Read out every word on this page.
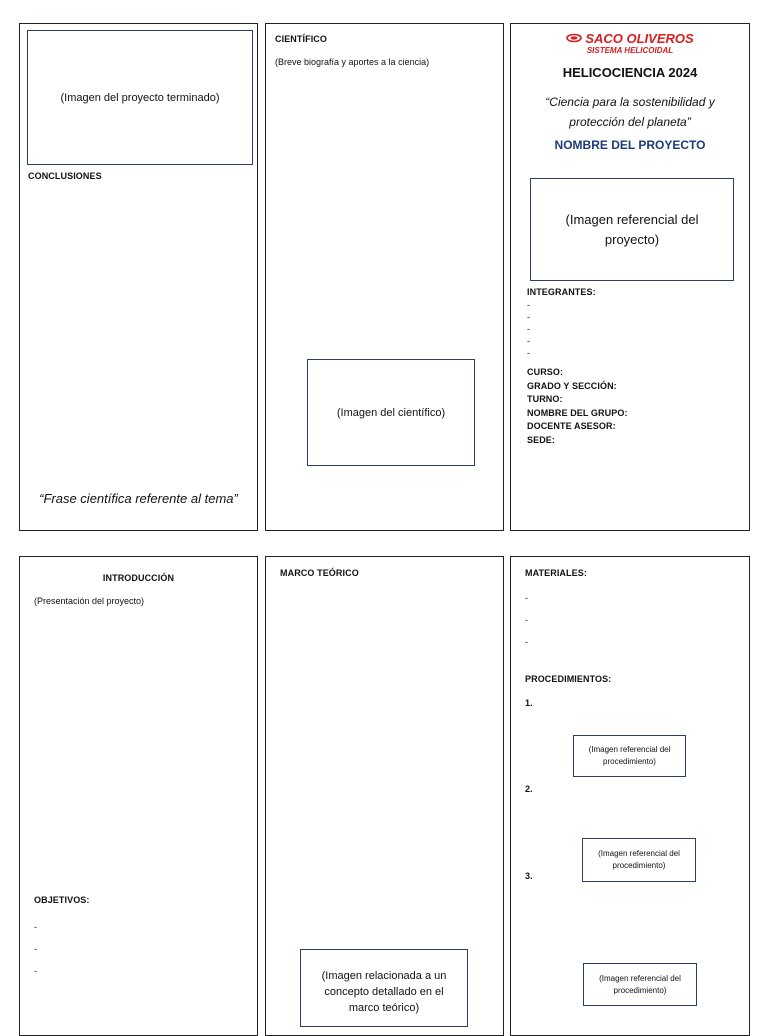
(Imagen del proyecto terminado)
CONCLUSIONES
“Frase científica referente al tema”
CIENTÍFICO
(Breve biografía y aportes a la ciencia)
(Imagen del científico)
SACO OLIVEROS
SISTEMA HELICOIDAL
HELICOCIENCIA 2024
“Ciencia para la sostenibilidad y
protección del planeta”
NOMBRE DEL PROYECTO
(Imagen referencial del
proyecto)
INTEGRANTES:
-
-
-
-
-
CURSO:
GRADO Y SECCIÓN:
TURNO:
NOMBRE DEL GRUPO:
DOCENTE ASESOR:
SEDE:
INTRODUCCIÓN
(Presentación del proyecto)
OBJETIVOS:
-
-
-
MARCO TEÓRICO
(Imagen relacionada a un
concepto detallado en el
marco teórico)
MATERIALES:
-
-
-
PROCEDIMIENTOS:
1.
(Imagen referencial del
procedimiento)
2.
(Imagen referencial del
procedimiento)
3.
(Imagen referencial del
procedimiento)
